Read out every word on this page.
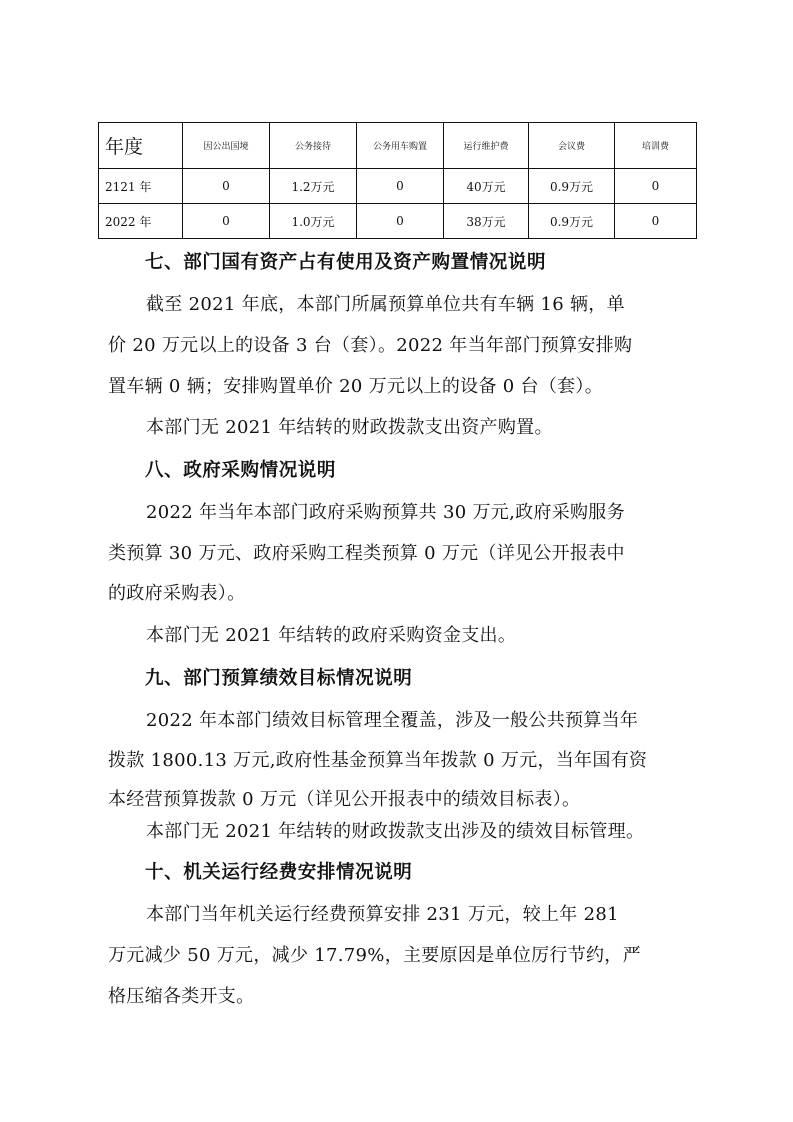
年度	因公出国境	公务接待	公务用车购置	运行维护费	会议费	培训费
2121 年	0	1.2万元	0	40万元	0.9万元	0
2022 年	0	1.0万元	0	38万元	0.9万元	0
七、部门国有资产占有使用及资产购置情况说明
截至 2021 年底，本部门所属预算单位共有车辆 16 辆，单
价 20 万元以上的设备 3 台（套）。2022 年当年部门预算安排购
置车辆 0 辆；安排购置单价 20 万元以上的设备 0 台（套）。
本部门无 2021 年结转的财政拨款支出资产购置。
八、政府采购情况说明
2022 年当年本部门政府采购预算共 30 万元,政府采购服务
类预算 30 万元、政府采购工程类预算 0 万元（详见公开报表中
的政府采购表）。
本部门无 2021 年结转的政府采购资金支出。
九、部门预算绩效目标情况说明
2022 年本部门绩效目标管理全覆盖，涉及一般公共预算当年
拨款 1800.13 万元,政府性基金预算当年拨款 0 万元，当年国有资
本经营预算拨款 0 万元（详见公开报表中的绩效目标表）。
本部门无 2021 年结转的财政拨款支出涉及的绩效目标管理。
十、机关运行经费安排情况说明
本部门当年机关运行经费预算安排 231 万元，较上年 281
万元减少 50 万元，减少 17.79%，主要原因是单位厉行节约，严
格压缩各类开支。
